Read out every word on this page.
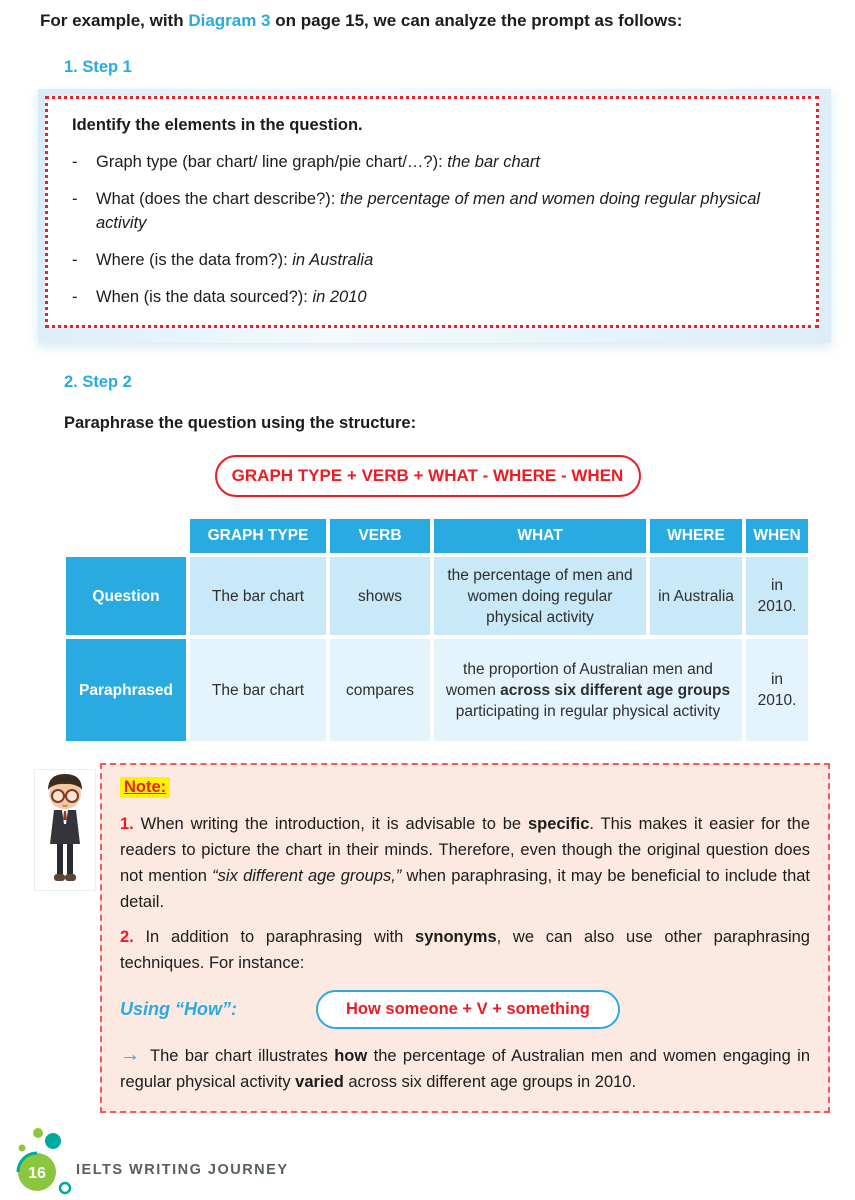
For example, with Diagram 3 on page 15, we can analyze the prompt as follows:

1. Step 1

Identify the elements in the question.

-	Graph type (bar chart/ line graph/pie chart/…?): the bar chart
-	What (does the chart describe?): the percentage of men and women doing regular physical activity
-	Where (is the data from?): in Australia
-	When (is the data sourced?): in 2010
2. Step 2

Paraphrase the question using the structure:

GRAPH TYPE + VERB + WHAT - WHERE - WHEN
	GRAPH TYPE	VERB	WHAT	WHERE	WHEN
Question	The bar chart	shows	the percentage of men and women doing regular physical activity	in Australia	in 2010.
Paraphrased	The bar chart	compares	the proportion of Australian men and women across six different age groups participating in regular physical activity		in 2010.
Note:

1. When writing the introduction, it is advisable to be specific. This makes it easier for the readers to picture the chart in their minds. Therefore, even though the original question does not mention “six different age groups,” when paraphrasing, it may be beneficial to include that detail.

2. In addition to paraphrasing with synonyms, we can also use other paraphrasing techniques. For instance:

Using “How”:	How someone + V + something

→ The bar chart illustrates how the percentage of Australian men and women engaging in regular physical activity varied across six different age groups in 2010.

16 IELTS WRITING JOURNEY
